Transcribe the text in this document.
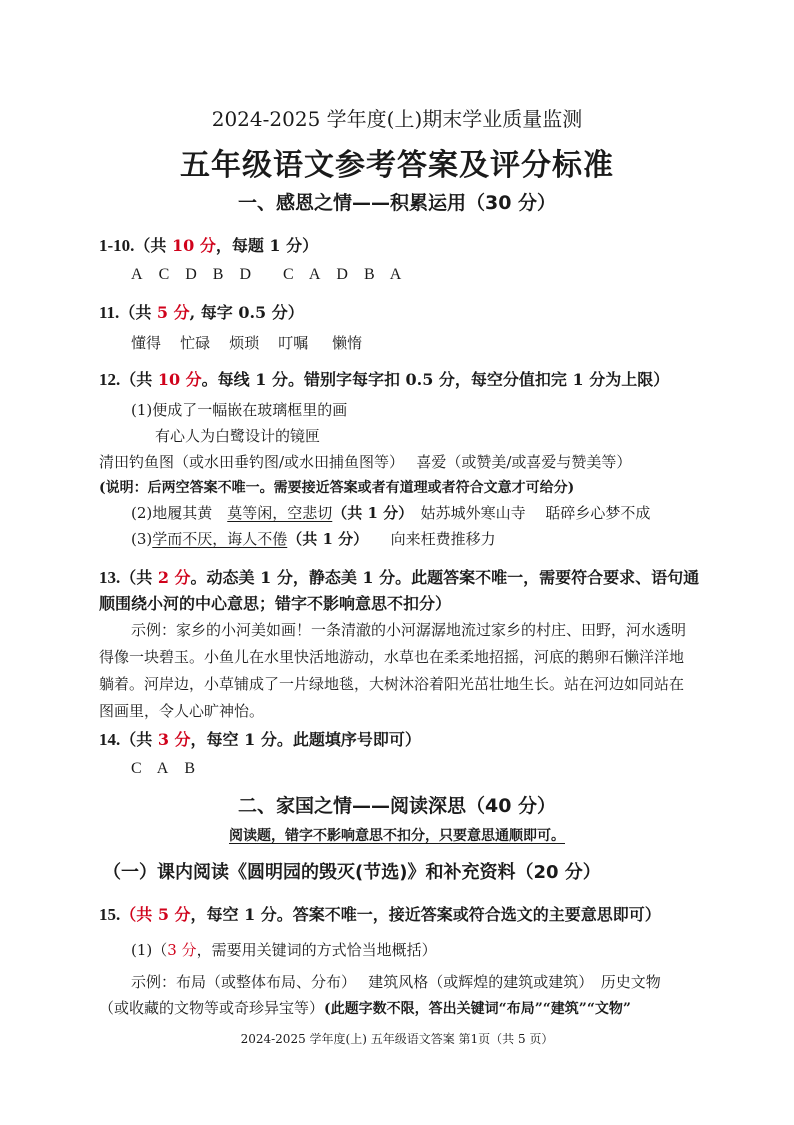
2024-2025 学年度(上)期末学业质量监测
五年级语文参考答案及评分标准
一、感恩之情——积累运用（30 分）
1-10.（共 10 分，每题 1 分）
A C D B D C A D B A
11.（共 5 分, 每字 0.5 分）
懂得 忙碌 烦琐 叮嘱 懒惰
12.（共 10 分。每线 1 分。错别字每字扣 0.5 分，每空分值扣完 1 分为上限）
(1)便成了一幅嵌在玻璃框里的画
有心人为白鹭设计的镜匣
清田钓鱼图（或水田垂钓图/或水田捕鱼图等）　 喜爱（或赞美/或喜爱与赞美等）
(说明：后两空答案不唯一。需要接近答案或者有道理或者符合文意才可给分)
(2)地履其黄　莫等闲，空悲切（共 1 分）　姑苏城外寒山寺　 聒碎乡心梦不成
(3)学而不厌，诲人不倦（共 1 分）　　向来枉费推移力
13.（共 2 分。动态美 1 分，静态美 1 分。此题答案不唯一，需要符合要求、语句通
顺围绕小河的中心意思；错字不影响意思不扣分）
示例：家乡的小河美如画！一条清澈的小河潺潺地流过家乡的村庄、田野，河水透明得像一块碧玉。小鱼儿在水里快活地游动，水草也在柔柔地招摇，河底的鹅卵石懒洋洋地躺着。河岸边，小草铺成了一片绿地毯，大树沐浴着阳光茁壮地生长。站在河边如同站在图画里，令人心旷神怡。
14.（共 3 分，每空 1 分。此题填序号即可）
C A B
二、家国之情——阅读深思（40 分）
阅读题，错字不影响意思不扣分，只要意思通顺即可。
（一）课内阅读《圆明园的毁灭(节选)》和补充资料（20 分）
15.（共 5 分，每空 1 分。答案不唯一，接近答案或符合选文的主要意思即可）
(1)（3 分，需要用关键词的方式恰当地概括）
示例：布局（或整体布局、分布）　 建筑风格（或辉煌的建筑或建筑）　历史文物
（或收藏的文物等或奇珍异宝等）(此题字数不限，答出关键词“布局”“建筑”“文物”
2024-2025 学年度(上) 五年级语文答案 第1页（共 5 页）
